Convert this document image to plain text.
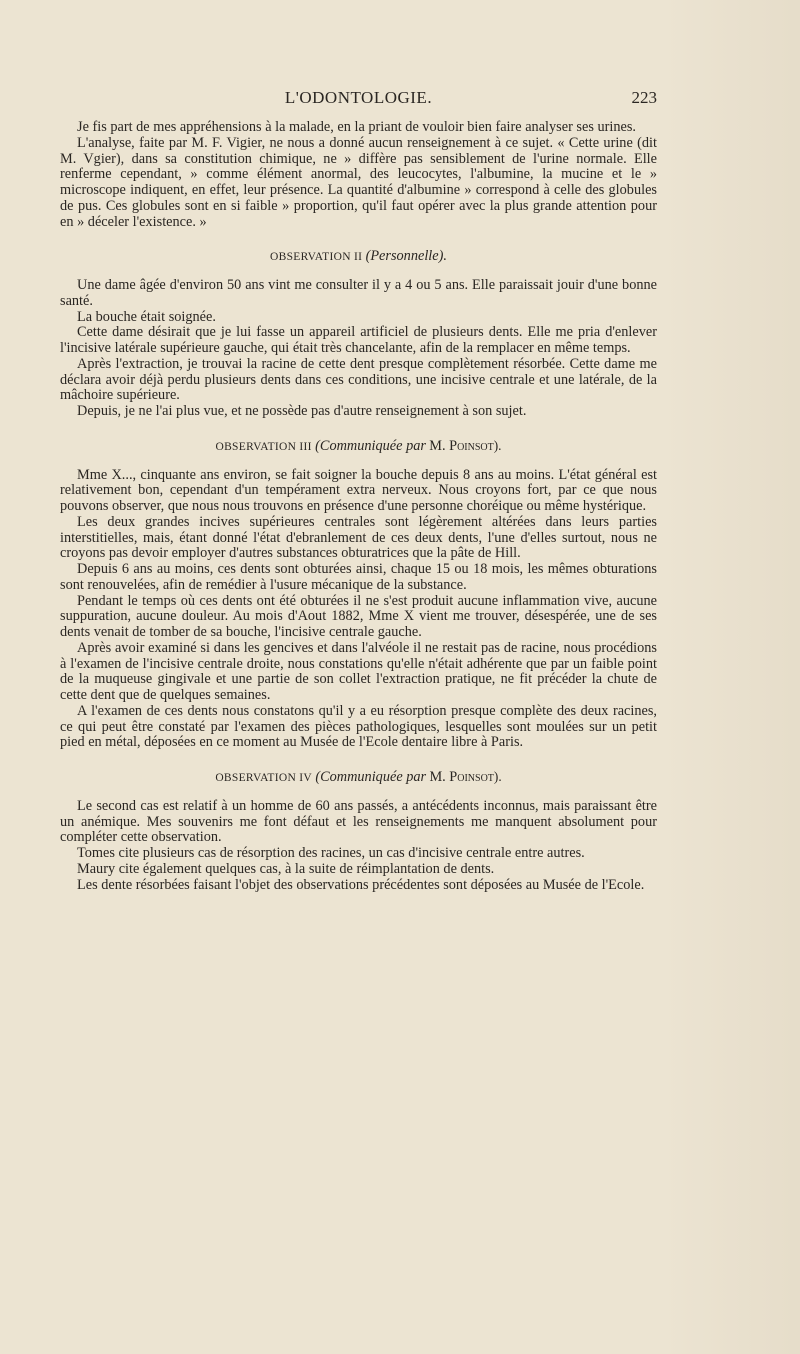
L'ODONTOLOGIE.	223

Je fis part de mes appréhensions à la malade, en la priant de vouloir bien faire analyser ses urines.

L'analyse, faite par M. F. Vigier, ne nous a donné aucun renseignement à ce sujet. « Cette urine (dit M. Vgier), dans sa constitution chimique, ne » diffère pas sensiblement de l'urine normale. Elle renferme cependant, » comme élément anormal, des leucocytes, l'albumine, la mucine et le » microscope indiquent, en effet, leur présence. La quantité d'albumine » correspond à celle des globules de pus. Ces globules sont en si faible » proportion, qu'il faut opérer avec la plus grande attention pour en » déceler l'existence. »

OBSERVATION II (Personnelle).

Une dame âgée d'environ 50 ans vint me consulter il y a 4 ou 5 ans. Elle paraissait jouir d'une bonne santé.

La bouche était soignée.

Cette dame désirait que je lui fasse un appareil artificiel de plusieurs dents. Elle me pria d'enlever l'incisive latérale supérieure gauche, qui était très chancelante, afin de la remplacer en même temps.

Après l'extraction, je trouvai la racine de cette dent presque complètement résorbée. Cette dame me déclara avoir déjà perdu plusieurs dents dans ces conditions, une incisive centrale et une latérale, de la mâchoire supérieure.

Depuis, je ne l'ai plus vue, et ne possède pas d'autre renseignement à son sujet.

OBSERVATION III (Communiquée par M. Poinsot).

Mme X..., cinquante ans environ, se fait soigner la bouche depuis 8 ans au moins. L'état général est relativement bon, cependant d'un tempérament extra nerveux. Nous croyons fort, par ce que nous pouvons observer, que nous nous trouvons en présence d'une personne choréique ou même hystérique.

Les deux grandes incives supérieures centrales sont légèrement altérées dans leurs parties interstitielles, mais, étant donné l'état d'ebranlement de ces deux dents, l'une d'elles surtout, nous ne croyons pas devoir employer d'autres substances obturatrices que la pâte de Hill.

Depuis 6 ans au moins, ces dents sont obturées ainsi, chaque 15 ou 18 mois, les mêmes obturations sont renouvelées, afin de remédier à l'usure mécanique de la substance.

Pendant le temps où ces dents ont été obturées il ne s'est produit aucune inflammation vive, aucune suppuration, aucune douleur. Au mois d'Aout 1882, Mme X vient me trouver, désespérée, une de ses dents venait de tomber de sa bouche, l'incisive centrale gauche.

Après avoir examiné si dans les gencives et dans l'alvéole il ne restait pas de racine, nous procédions à l'examen de l'incisive centrale droite, nous constations qu'elle n'était adhérente que par un faible point de la muqueuse gingivale et une partie de son collet l'extraction pratique, ne fit précéder la chute de cette dent que de quelques semaines.

A l'examen de ces dents nous constatons qu'il y a eu résorption presque complète des deux racines, ce qui peut être constaté par l'examen des pièces pathologiques, lesquelles sont moulées sur un petit pied en métal, déposées en ce moment au Musée de l'Ecole dentaire libre à Paris.

OBSERVATION IV (Communiquée par M. Poinsot).

Le second cas est relatif à un homme de 60 ans passés, a antécédents inconnus, mais paraissant être un anémique. Mes souvenirs me font défaut et les renseignements me manquent absolument pour compléter cette observation.

Tomes cite plusieurs cas de résorption des racines, un cas d'incisive centrale entre autres.

Maury cite également quelques cas, à la suite de réimplantation de dents.

Les dente résorbées faisant l'objet des observations précédentes sont déposées au Musée de l'Ecole.
